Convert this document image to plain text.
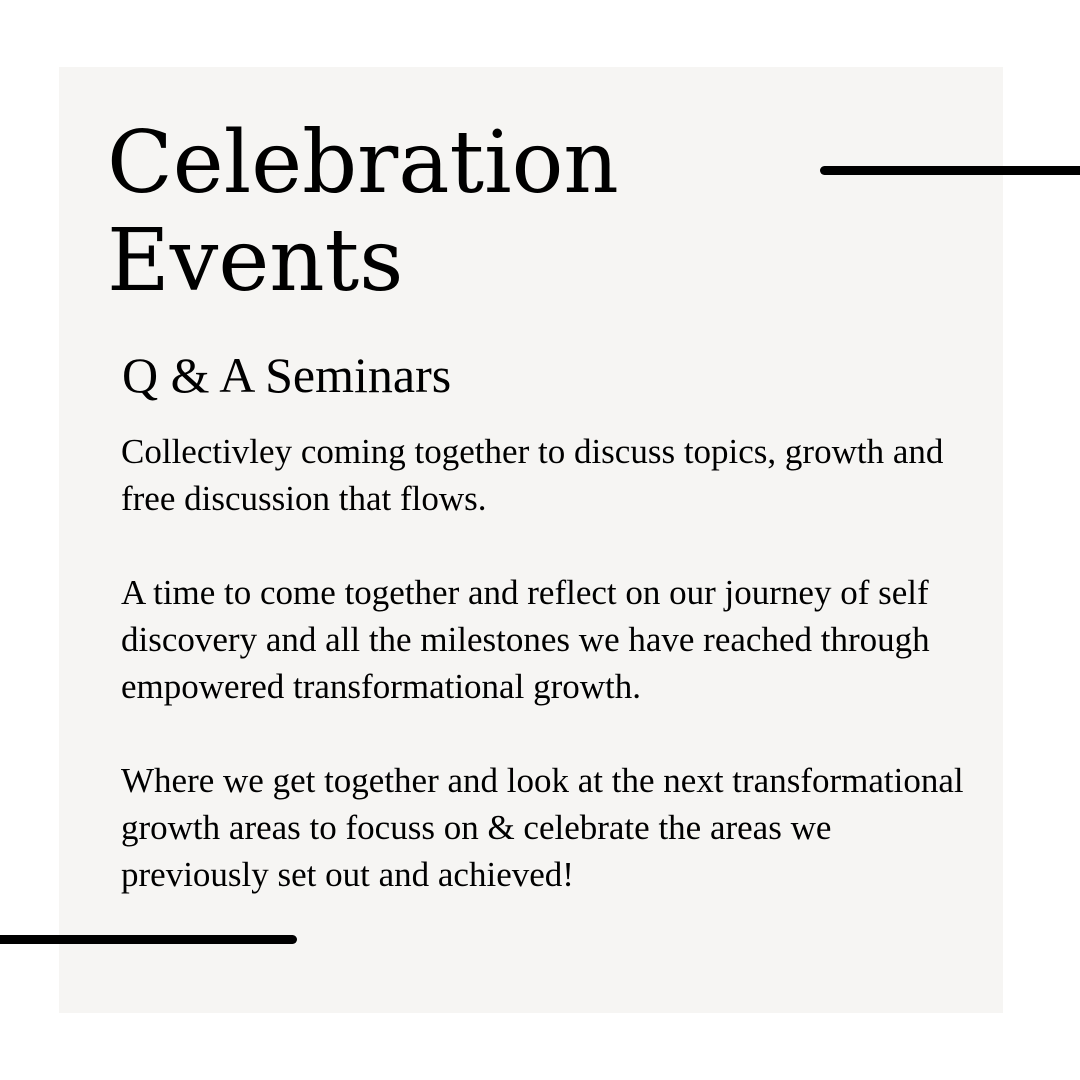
Celebration
Events
Q & A Seminars

Collectivley coming together to discuss topics, growth and free discussion that flows.

A time to come together and reflect on our journey of self discovery and all the milestones we have reached through empowered transformational growth.

Where we get together and look at the next transformational growth areas to focuss on & celebrate the areas we previously set out and achieved!
